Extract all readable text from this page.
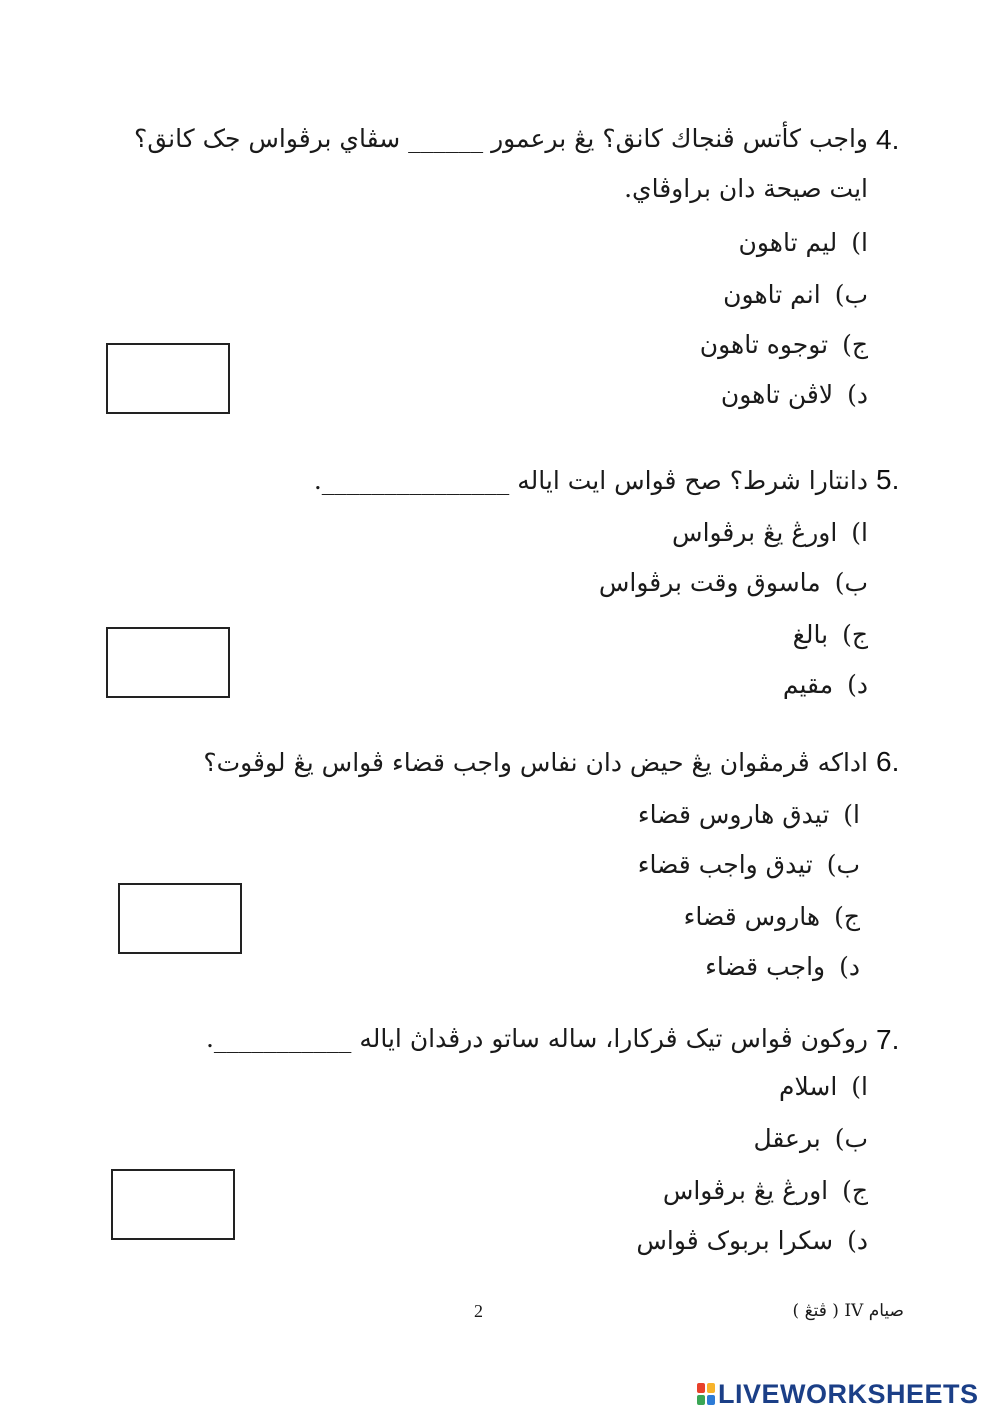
4.
واجب كأتس ڤنجاك كانق؟ يڠ برعمور ______ سڤاي برڤواس جک كانق؟
ايت صيحة دان براوڤاي.
ا)ليم تاهون
ب)انم تاهون
ج)توجوه تاهون
د)لاڤن تاهون
5.
دانتارا شرط؟ صح ڤواس ايت اياله _______________.
ا)اورڠ يڠ برڤواس
ب)ماسوق وقت برڤواس
ج)بالغ
د)مقيم
6.
اداكه ڤرمڤوان يڠ حيض دان نفاس واجب قضاء ڤواس يڠ لوڤوت؟
ا)تيدق هاروس قضاء
ب)تيدق واجب قضاء
ج)هاروس قضاء
د)واجب قضاء
7.
روكون ڤواس تيک ڤركارا، ساله ساتو درڤداڽ اياله ___________.
ا)اسلام
ب)برعقل
ج)اورڠ يڠ برڤواس
د)سکرا بربوک ڤواس
2	صيام IV ( ڤتڠ )
LIVEWORKSHEETS
